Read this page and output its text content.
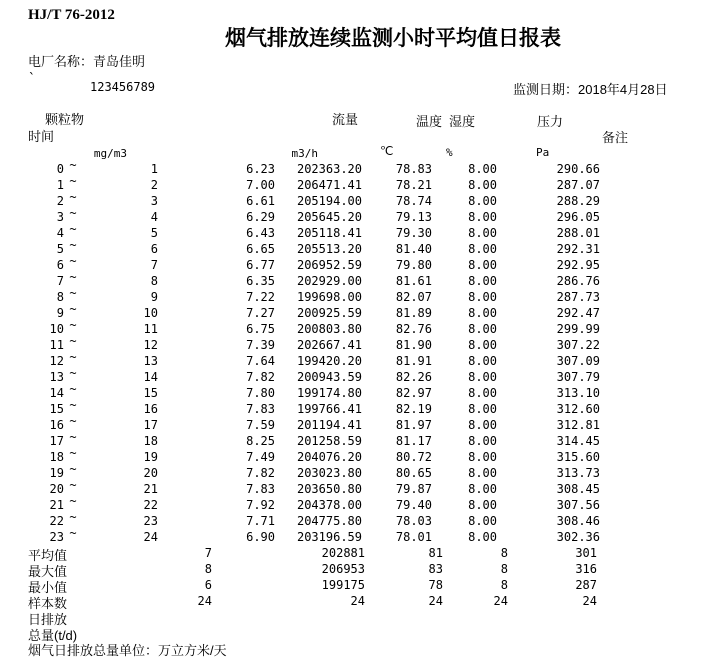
HJ/T 76-2012
烟气排放连续监测小时平均值日报表
电厂名称：青岛佳明
`	123456789	监测日期：2018年4月28日
颗粒物
时间
流量	温度 湿度	压力
备注
mg/m3	m3/h	℃	%	Pa
0 ~	1	6.23	202363.20	78.83	8.00	290.66
1 ~	2	7.00	206471.41	78.21	8.00	287.07
2 ~	3	6.61	205194.00	78.74	8.00	288.29
3 ~	4	6.29	205645.20	79.13	8.00	296.05
4 ~	5	6.43	205118.41	79.30	8.00	288.01
5 ~	6	6.65	205513.20	81.40	8.00	292.31
6 ~	7	6.77	206952.59	79.80	8.00	292.95
7 ~	8	6.35	202929.00	81.61	8.00	286.76
8 ~	9	7.22	199698.00	82.07	8.00	287.73
9 ~	10	7.27	200925.59	81.89	8.00	292.47
10 ~	11	6.75	200803.80	82.76	8.00	299.99
11 ~	12	7.39	202667.41	81.90	8.00	307.22
12 ~	13	7.64	199420.20	81.91	8.00	307.09
13 ~	14	7.82	200943.59	82.26	8.00	307.79
14 ~	15	7.80	199174.80	82.97	8.00	313.10
15 ~	16	7.83	199766.41	82.19	8.00	312.60
16 ~	17	7.59	201194.41	81.97	8.00	312.81
17 ~	18	8.25	201258.59	81.17	8.00	314.45
18 ~	19	7.49	204076.20	80.72	8.00	315.60
19 ~	20	7.82	203023.80	80.65	8.00	313.73
20 ~	21	7.83	203650.80	79.87	8.00	308.45
21 ~	22	7.92	204378.00	79.40	8.00	307.56
22 ~	23	7.71	204775.80	78.03	8.00	308.46
23 ~	24	6.90	203196.59	78.01	8.00	302.36
平均值	7	202881	81	8	301
最大值	8	206953	83	8	316
最小值	6	199175	78	8	287
样本数	24	24	24	24	24
日排放
总量(t/d)
烟气日排放总量单位：万立方米/天
